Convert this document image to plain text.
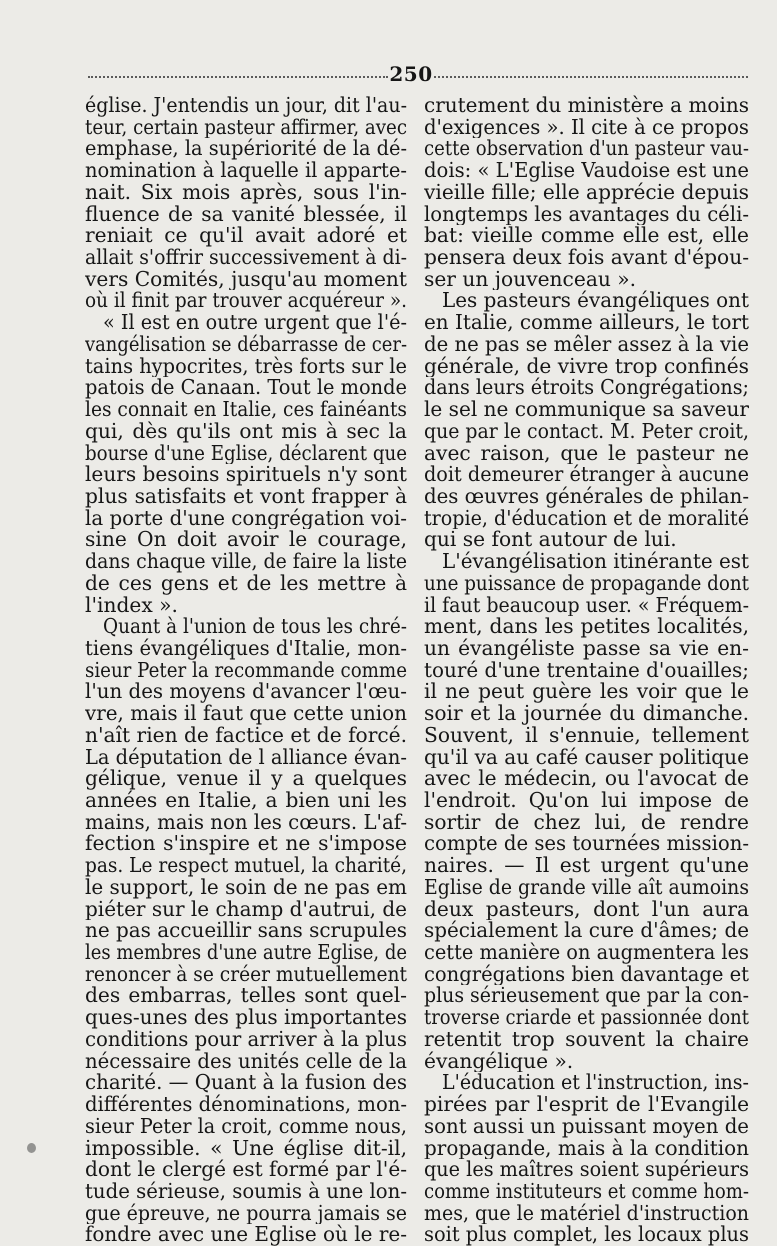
250
église. J'entendis un jour, dit l'au-
teur, certain pasteur affirmer, avec
emphase, la supériorité de la dé-
nomination à laquelle il apparte-
nait. Six mois après, sous l'in-
fluence de sa vanité blessée, il
reniait ce qu'il avait adoré et
allait s'offrir successivement à di-
vers Comités, jusqu'au moment
où il finit par trouver acquéreur ».
« Il est en outre urgent que l'é-
vangélisation se débarrasse de cer-
tains hypocrites, très forts sur le
patois de Canaan. Tout le monde
les connait en Italie, ces fainéants
qui, dès qu'ils ont mis à sec la
bourse d'une Eglise, déclarent que
leurs besoins spirituels n'y sont
plus satisfaits et vont frapper à
la porte d'une congrégation voi-
sine On doit avoir le courage,
dans chaque ville, de faire la liste
de ces gens et de les mettre à
l'index ».
Quant à l'union de tous les chré-
tiens évangéliques d'Italie, mon-
sieur Peter la recommande comme
l'un des moyens d'avancer l'œu-
vre, mais il faut que cette union
n'aît rien de factice et de forcé.
La députation de l alliance évan-
gélique, venue il y a quelques
années en Italie, a bien uni les
mains, mais non les cœurs. L'af-
fection s'inspire et ne s'impose
pas. Le respect mutuel, la charité,
le support, le soin de ne pas em
piéter sur le champ d'autrui, de
ne pas accueillir sans scrupules
les membres d'une autre Eglise, de
renoncer à se créer mutuellement
des embarras, telles sont quel-
ques-unes des plus importantes
conditions pour arriver à la plus
nécessaire des unités celle de la
charité. — Quant à la fusion des
différentes dénominations, mon-
sieur Peter la croit, comme nous,
impossible. « Une église dit-il,
dont le clergé est formé par l'é-
tude sérieuse, soumis à une lon-
gue épreuve, ne pourra jamais se
fondre avec une Eglise où le re-
crutement du ministère a moins
d'exigences ». Il cite à ce propos
cette observation d'un pasteur vau-
dois: « L'Eglise Vaudoise est une
vieille fille; elle apprécie depuis
longtemps les avantages du céli-
bat: vieille comme elle est, elle
pensera deux fois avant d'épou-
ser un jouvenceau ».
Les pasteurs évangéliques ont
en Italie, comme ailleurs, le tort
de ne pas se mêler assez à la vie
générale, de vivre trop confinés
dans leurs étroits Congrégations;
le sel ne communique sa saveur
que par le contact. M. Peter croit,
avec raison, que le pasteur ne
doit demeurer étranger à aucune
des œuvres générales de philan-
tropie, d'éducation et de moralité
qui se font autour de lui.
L'évangélisation itinérante est
une puissance de propagande dont
il faut beaucoup user. « Fréquem-
ment, dans les petites localités,
un évangéliste passe sa vie en-
touré d'une trentaine d'ouailles;
il ne peut guère les voir que le
soir et la journée du dimanche.
Souvent, il s'ennuie, tellement
qu'il va au café causer politique
avec le médecin, ou l'avocat de
l'endroit. Qu'on lui impose de
sortir de chez lui, de rendre
compte de ses tournées mission-
naires. — Il est urgent qu'une
Eglise de grande ville aît aumoins
deux pasteurs, dont l'un aura
spécialement la cure d'âmes; de
cette manière on augmentera les
congrégations bien davantage et
plus sérieusement que par la con-
troverse criarde et passionnée dont
retentit trop souvent la chaire
évangélique ».
L'éducation et l'instruction, ins-
pirées par l'esprit de l'Evangile
sont aussi un puissant moyen de
propagande, mais à la condition
que les maîtres soient supérieurs
comme instituteurs et comme hom-
mes, que le matériel d'instruction
soit plus complet, les locaux plus
